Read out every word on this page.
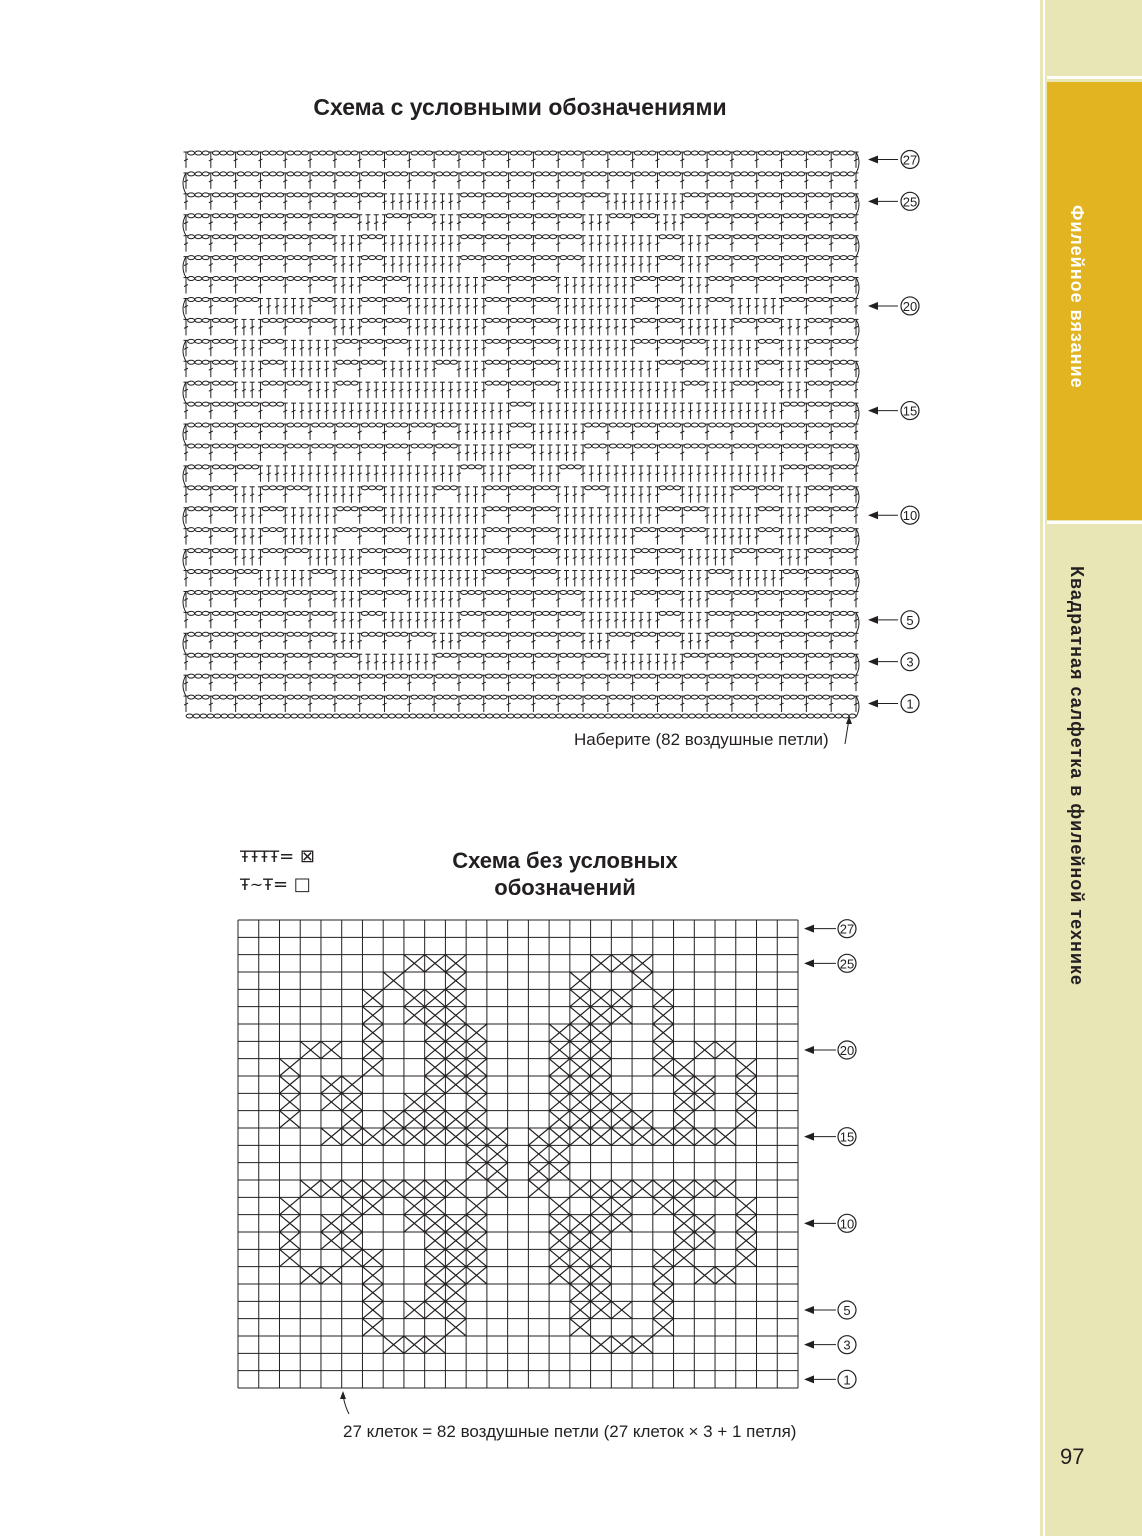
Филейное вязание
Квадратная салфетка в филейной технике
97
Схема с условными обозначениями
27
25
20
15
10
5
3
1
Наберите (82 воздушные петли)
Схема без условных
обозначений
ŦŦŦŦ= ⊠
Ŧ~Ŧ= □
27
25
20
15
10
5
3
1
27 клеток = 82 воздушные петли (27 клеток × 3 + 1 петля)
